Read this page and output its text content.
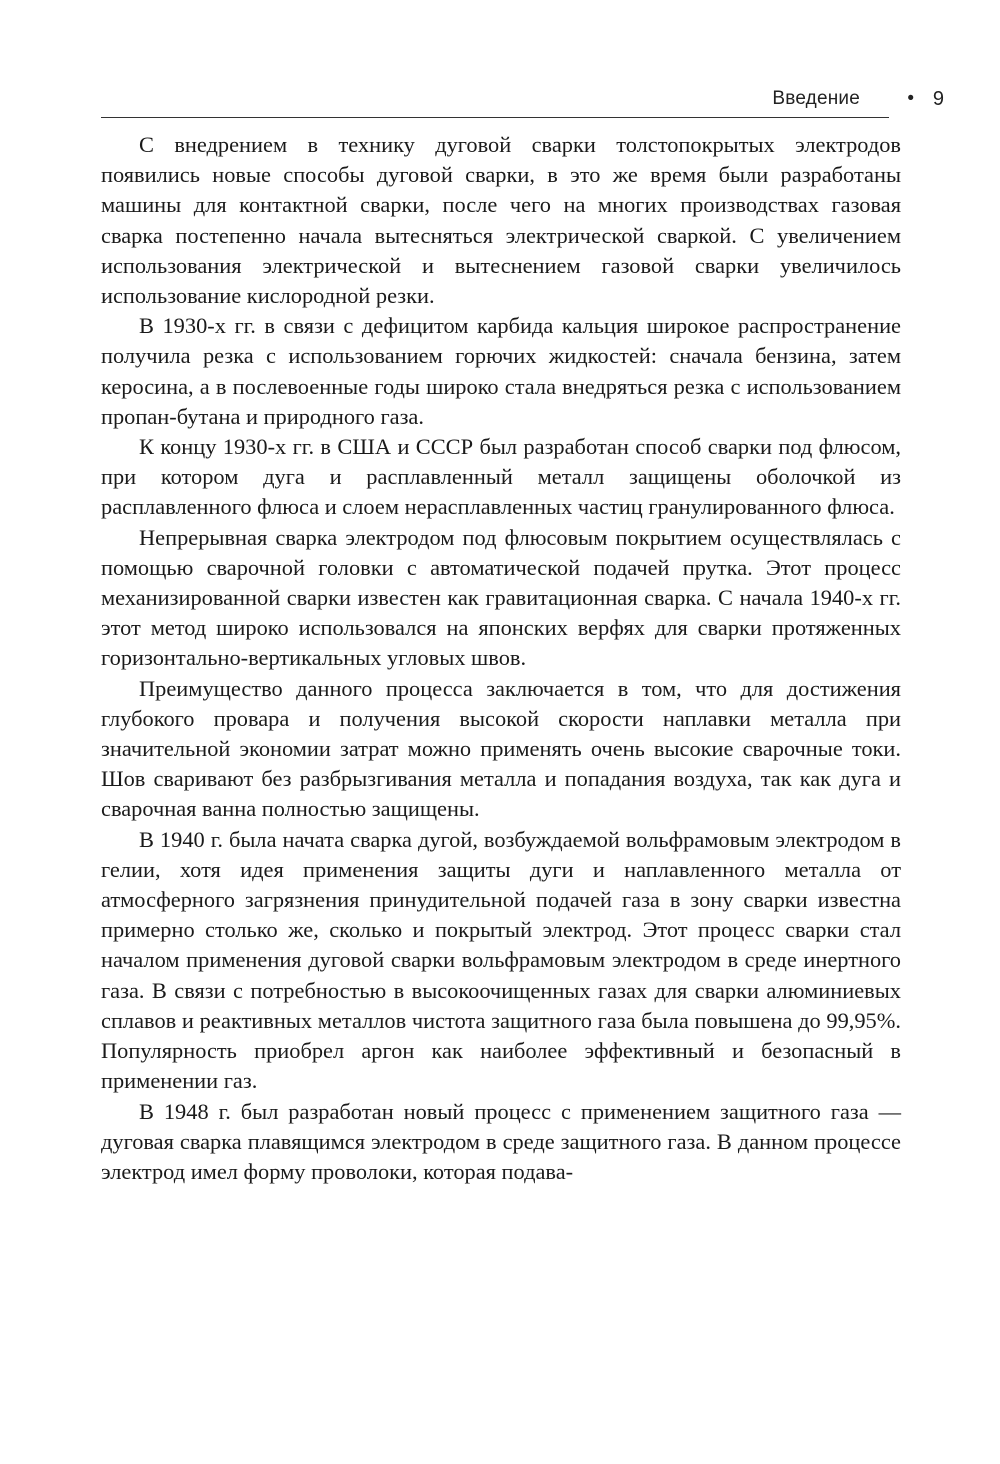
Введение • 9

С внедрением в технику дуговой сварки толстопокрытых электродов появились новые способы дуговой сварки, в это же время были разработаны машины для контактной сварки, после чего на многих производствах газовая сварка постепенно начала вытесняться электрической сваркой. С увеличением использования электрической и вытеснением газовой сварки увеличилось использование кислородной резки.

В 1930-х гг. в связи с дефицитом карбида кальция широкое распространение получила резка с использованием горючих жидкостей: сначала бензина, затем керосина, а в послевоенные годы широко стала внедряться резка с использованием пропан-бутана и природного газа.

К концу 1930-х гг. в США и СССР был разработан способ сварки под флюсом, при котором дуга и расплавленный металл защищены оболочкой из расплавленного флюса и слоем нерасплавленных частиц гранулированного флюса.

Непрерывная сварка электродом под флюсовым покрытием осуществлялась с помощью сварочной головки с автоматической подачей прутка. Этот процесс механизированной сварки известен как гравитационная сварка. С начала 1940-х гг. этот метод широко использовался на японских верфях для сварки протяженных горизонтально-вертикальных угловых швов.

Преимущество данного процесса заключается в том, что для достижения глубокого провара и получения высокой скорости наплавки металла при значительной экономии затрат можно применять очень высокие сварочные токи. Шов сваривают без разбрызгивания металла и попадания воздуха, так как дуга и сварочная ванна полностью защищены.

В 1940 г. была начата сварка дугой, возбуждаемой вольфрамовым электродом в гелии, хотя идея применения защиты дуги и наплавленного металла от атмосферного загрязнения принудительной подачей газа в зону сварки известна примерно столько же, сколько и покрытый электрод. Этот процесс сварки стал началом применения дуговой сварки вольфрамовым электродом в среде инертного газа. В связи с потребностью в высокоочищенных газах для сварки алюминиевых сплавов и реактивных металлов чистота защитного газа была повышена до 99,95%. Популярность приобрел аргон как наиболее эффективный и безопасный в применении газ.

В 1948 г. был разработан новый процесс с применением защитного газа — дуговая сварка плавящимся электродом в среде защитного газа. В данном процессе электрод имел форму проволоки, которая подава-
